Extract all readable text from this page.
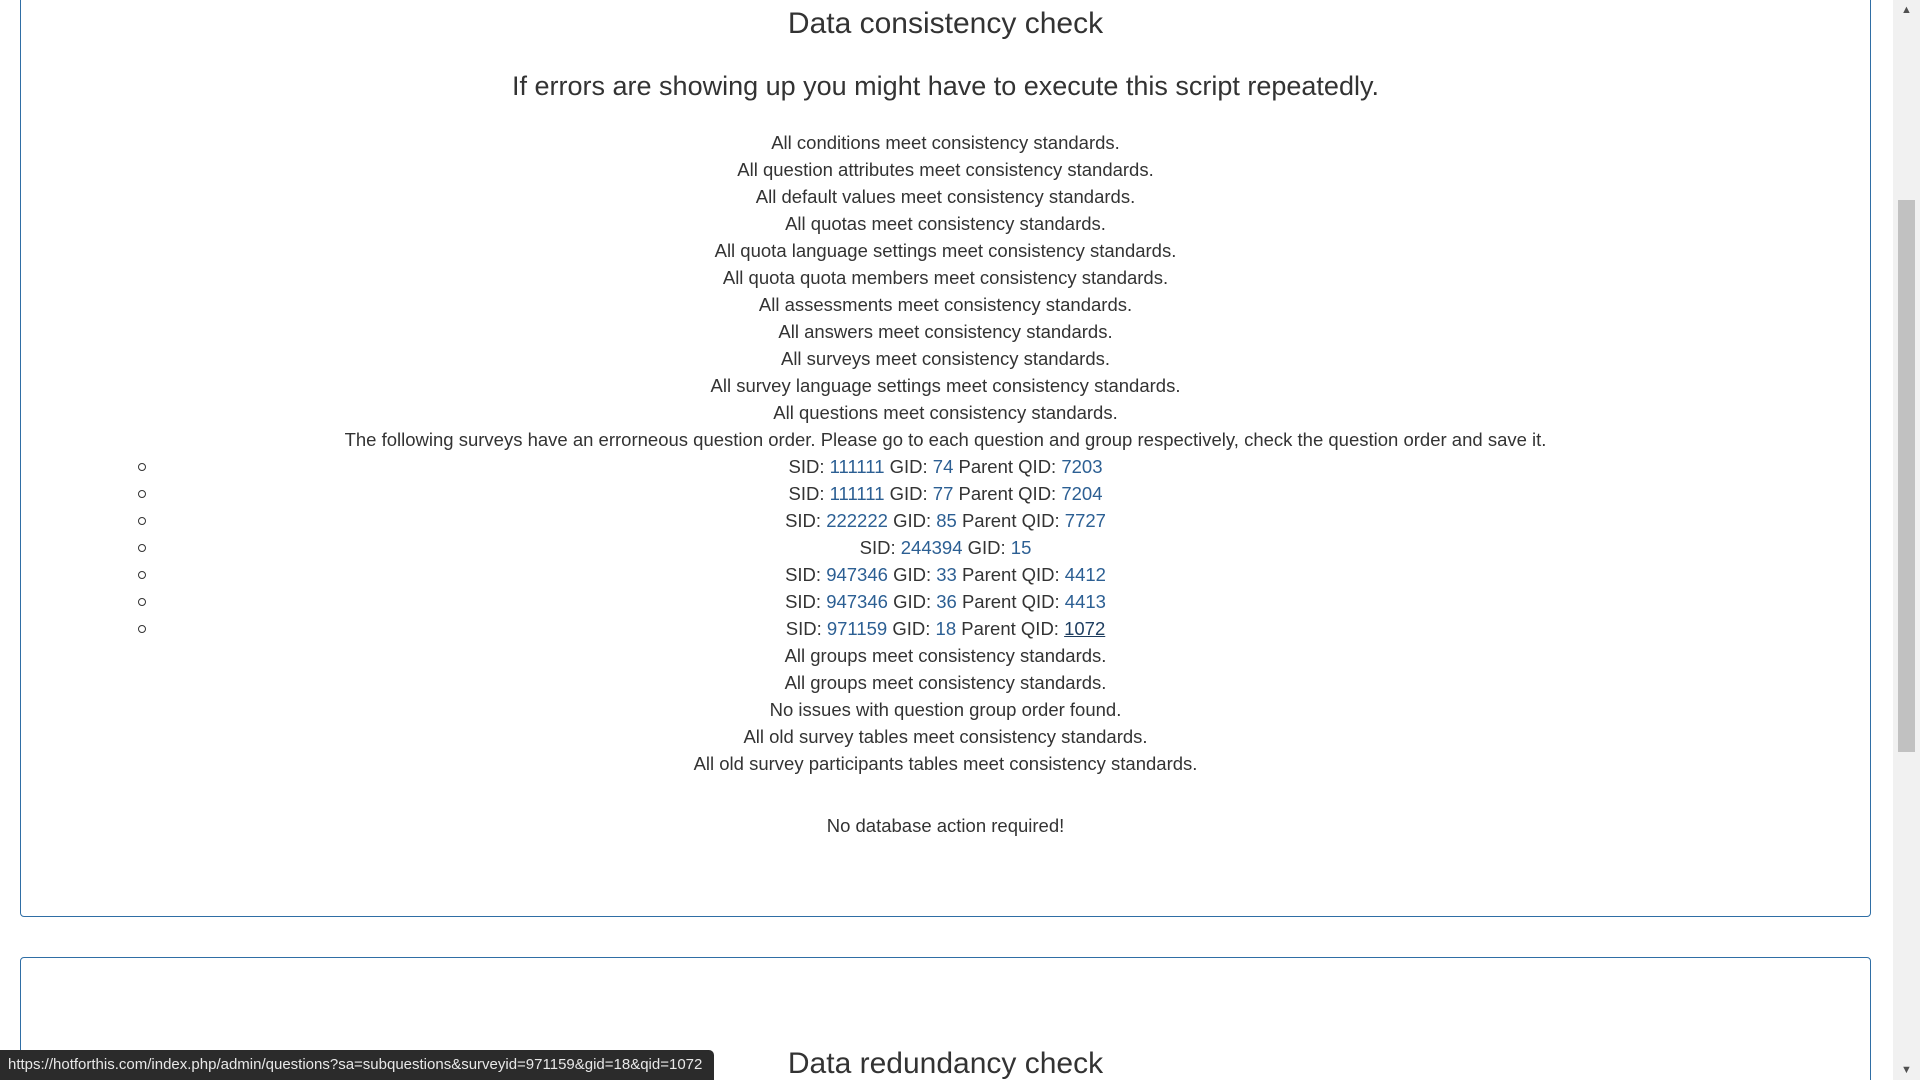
Data consistency check
If errors are showing up you might have to execute this script repeatedly.
All conditions meet consistency standards.
All question attributes meet consistency standards.
All default values meet consistency standards.
All quotas meet consistency standards.
All quota language settings meet consistency standards.
All quota quota members meet consistency standards.
All assessments meet consistency standards.
All answers meet consistency standards.
All surveys meet consistency standards.
All survey language settings meet consistency standards.
All questions meet consistency standards.
The following surveys have an errorneous question order. Please go to each question and group respectively, check the question order and save it.
SID: 111111 GID: 74 Parent QID: 7203
SID: 111111 GID: 77 Parent QID: 7204
SID: 222222 GID: 85 Parent QID: 7727
SID: 244394 GID: 15
SID: 947346 GID: 33 Parent QID: 4412
SID: 947346 GID: 36 Parent QID: 4413
SID: 971159 GID: 18 Parent QID: 1072
All groups meet consistency standards.
All groups meet consistency standards.
No issues with question group order found.
All old survey tables meet consistency standards.
All old survey participants tables meet consistency standards.
No database action required!
Data redundancy check
▲
▼
https://hotforthis.com/index.php/admin/questions?sa=subquestions&surveyid=971159&gid=18&qid=1072
